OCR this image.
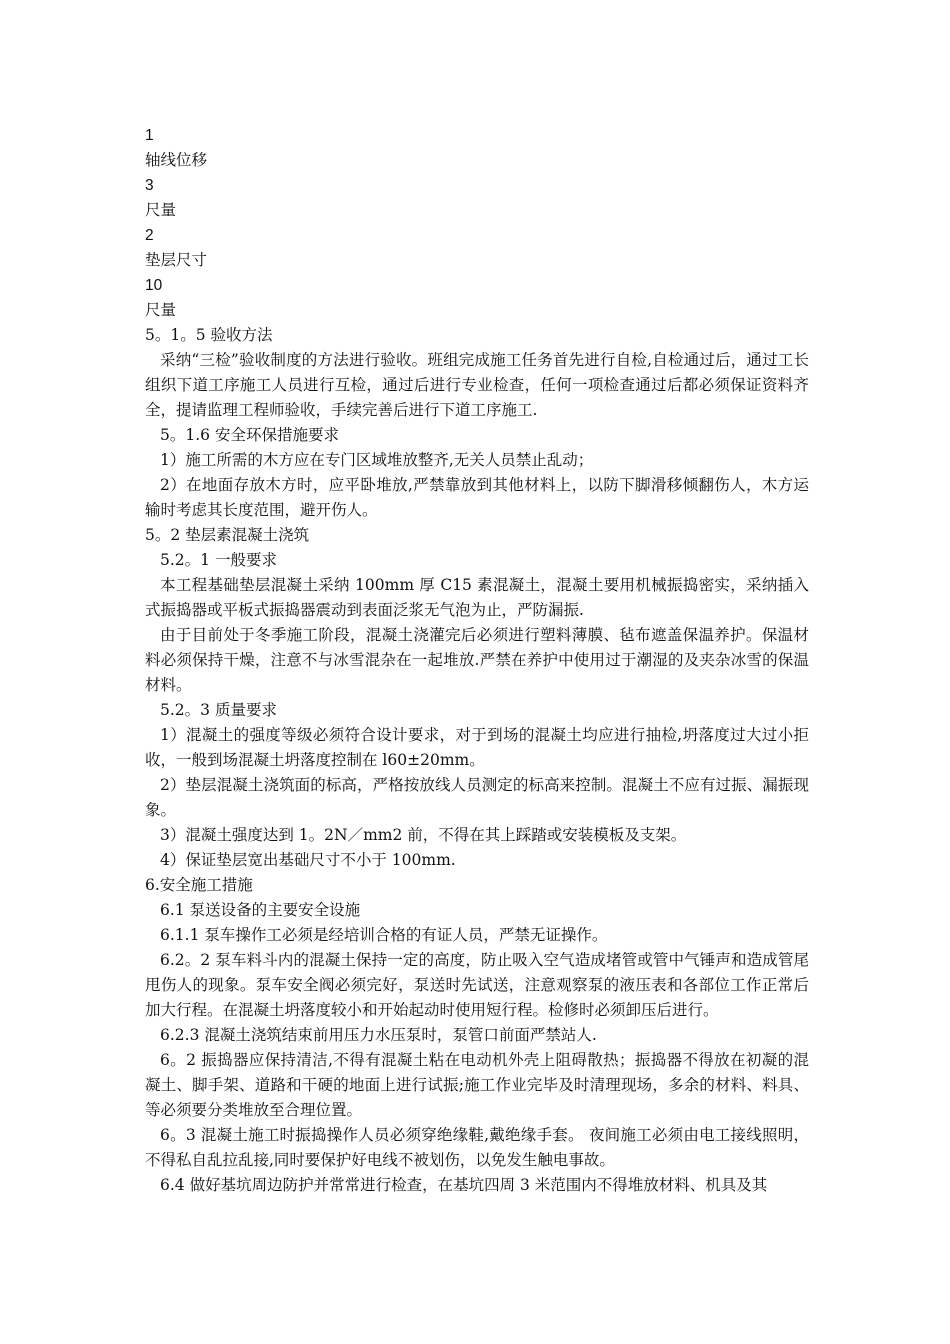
1
轴线位移
3
尺量
2
垫层尺寸
10
尺量
5。1。5 验收方法
采纳“三检”验收制度的方法进行验收。班组完成施工任务首先进行自检,自检通过后，通过工长组织下道工序施工人员进行互检，通过后进行专业检查，任何一项检查通过后都必须保证资料齐全，提请监理工程师验收，手续完善后进行下道工序施工.
5。1.6 安全环保措施要求
1）施工所需的木方应在专门区域堆放整齐,无关人员禁止乱动；
2）在地面存放木方时，应平卧堆放,严禁靠放到其他材料上，以防下脚滑移倾翻伤人，木方运输时考虑其长度范围，避开伤人。
5。2 垫层素混凝土浇筑
5.2。1 一般要求
本工程基础垫层混凝土采纳 100mm 厚 C15 素混凝土，混凝土要用机械振捣密实，采纳插入式振捣器或平板式振捣器震动到表面泛浆无气泡为止，严防漏振.
由于目前处于冬季施工阶段，混凝土浇灌完后必须进行塑料薄膜、毡布遮盖保温养护。保温材料必须保持干燥，注意不与冰雪混杂在一起堆放.严禁在养护中使用过于潮湿的及夹杂冰雪的保温材料。
5.2。3 质量要求
1）混凝土的强度等级必须符合设计要求，对于到场的混凝土均应进行抽检,坍落度过大过小拒收，一般到场混凝土坍落度控制在 l60±20mm。
2）垫层混凝土浇筑面的标高，严格按放线人员测定的标高来控制。混凝土不应有过振、漏振现象。
3）混凝土强度达到 1。2N／mm2 前，不得在其上踩踏或安装模板及支架。
4）保证垫层宽出基础尺寸不小于 100mm.
6.安全施工措施
6.1 泵送设备的主要安全设施
6.1.1 泵车操作工必须是经培训合格的有证人员，严禁无证操作。
6.2。2 泵车料斗内的混凝土保持一定的高度，防止吸入空气造成堵管或管中气锤声和造成管尾甩伤人的现象。泵车安全阀必须完好，泵送时先试送，注意观察泵的液压表和各部位工作正常后加大行程。在混凝土坍落度较小和开始起动时使用短行程。检修时必须卸压后进行。
6.2.3 混凝土浇筑结束前用压力水压泵时，泵管口前面严禁站人.
6。2 振捣器应保持清洁,不得有混凝土粘在电动机外壳上阻碍散热；振捣器不得放在初凝的混凝土、脚手架、道路和干硬的地面上进行试振;施工作业完毕及时清理现场，多余的材料、料具、等必须要分类堆放至合理位置。
6。3 混凝土施工时振捣操作人员必须穿绝缘鞋,戴绝缘手套。 夜间施工必须由电工接线照明，不得私自乱拉乱接,同时要保护好电线不被划伤，以免发生触电事故。
6.4 做好基坑周边防护并常常进行检查，在基坑四周 3 米范围内不得堆放材料、机具及其
